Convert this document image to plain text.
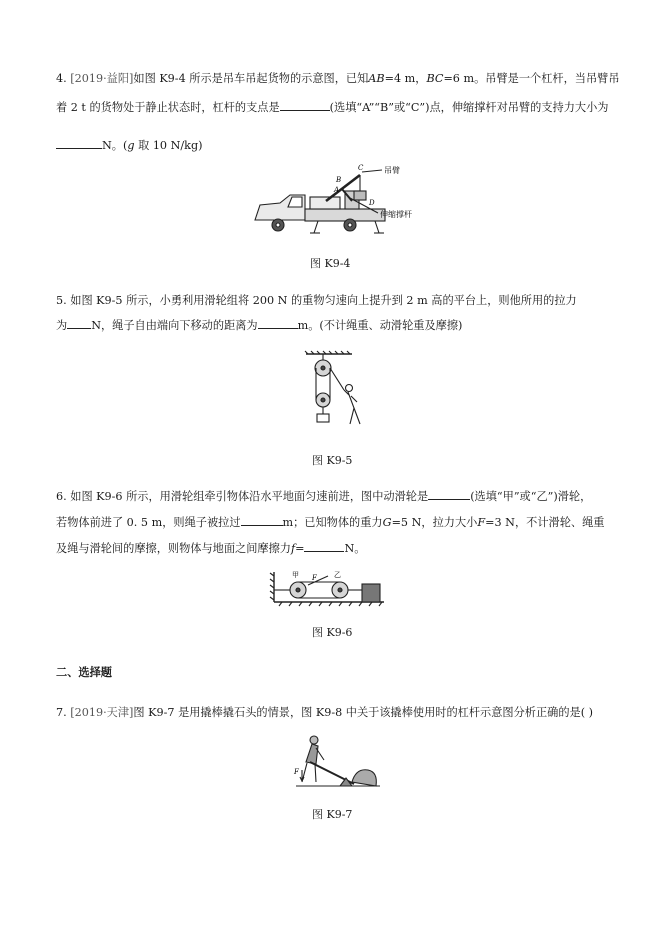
4. [2019·益阳]如图 K9-4 所示是吊车吊起货物的示意图，已知AB=4 m，BC=6 m。吊臂是一个杠杆，当吊臂吊
着 2 t 的货物处于静止状态时，杠杆的支点是	(选填“A”“B”或“C”)点，伸缩撑杆对吊臂的支持力大小为
N。(g 取 10 N/kg)
A
B
C
D
吊臂
伸缩撑杆
图 K9-4
5. 如图 K9-5 所示，小勇利用滑轮组将 200 N 的重物匀速向上提升到 2 m 高的平台上，则他所用的拉力
为 N，绳子自由端向下移动的距离为	m。(不计绳重、动滑轮重及摩擦)
图 K9-5
6. 如图 K9-6 所示，用滑轮组牵引物体沿水平地面匀速前进，图中动滑轮是	(选填“甲”或“乙”)滑轮，
若物体前进了 0. 5 m，则绳子被拉过	m；已知物体的重力G=5 N，拉力大小F=3 N，不计滑轮、绳重
及绳与滑轮间的摩擦，则物体与地面之间摩擦力f=	N。
甲 F 乙
图 K9-6
二、选择题
7. [2019·天津]图 K9-7 是用撬棒撬石头的情景，图 K9-8 中关于该撬棒使用时的杠杆示意图分析正确的是( )
F
图 K9-7
